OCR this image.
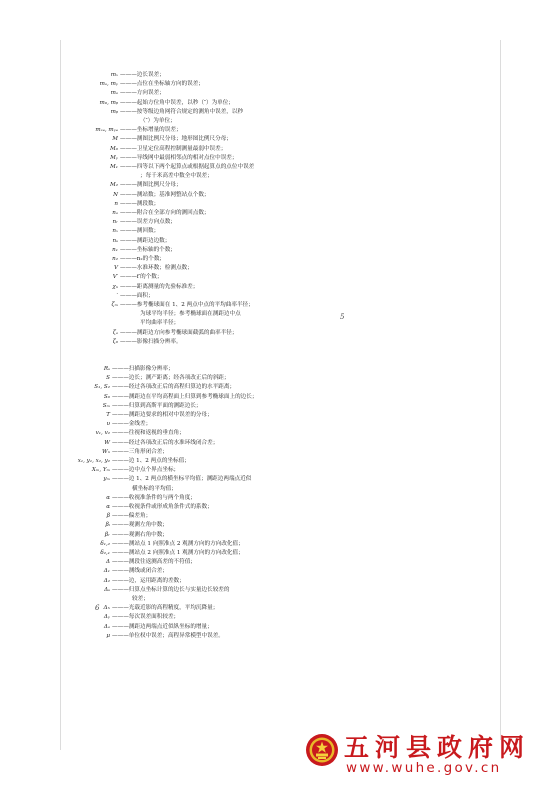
mₓ ———边长误差；
mₐ, mᵧ ———点位在坐标轴方向的误差；
mₐ ———方向误差；
m₀, mᵦ ———起始方位角中误差，以秒（″）为单位；
mᵦ ———按等级边角网符合规定的测角中误差，以秒
（″）为单位；
mₓₑ, mᵧₑ ———坐标增量的误差；
M ———测图比例尺分母；地形图比例尺分母；
M₀ ———卫星定位高程控制测量最弱中误差；
Mᵧ ———导线网中最弱相邻点的相对点位中误差；
M₁ ———四等以下两个起算点或根据起算点的点位中误差
；每千米高差中数全中误差；
M₂ ———测图比例尺分母；
N ———测站数；基准网整站点个数；
n ———测段数；
nₐ ———附合在全部方向的测回点数；
nᵣ ———误差方向点数；
nₓ ———测回数；
nₛ ———测距边边数；
n₁ ———坐标轴的个数；
n₂ ———n₂的个数；
V ———水准环数；检测点数；
V′ ———f′的个数；
χₙ ———距离测量的先验标准差；
′ ———面积；
ζₘ ———参考椭球面在 1、2 两点中点的平均曲率半径；
为球平均半径；参考椭球面在测距边中点
平均曲率半径；
ζₐ ———测距边方向参考椭球面截弧的曲率半径；
ζ₀ ———影像扫描分辨率。
5
Rₛ ———扫描影像分辨率；
S ———边长；测产距离；经各项改正后的斜距；
S₁, S₂ ———经过各项改正后的高程归算边的水平距离；
S₀ ———测距边在平均高程面上归算到参考椭球面上的边长；
Sₘ ———归算到高斯平面的测距边长；
T ———测距边要求的相对中误差的分母；
υ ———金线差；
v₁, v₂ ———往视和返视的垂直角；
W ———经过各项改正后的水准环线闭合差；
Wₙ ———三角形闭合差；
x₁, y₁, x₂, y₂ ———边 1、2 两点的坐标值；
Xₘ, Yₘ ———边中点个界点坐标；
yₘ ———边 1、2 两点的横坐标平均值；测距边两端点近似
横坐标的平均值；
α ———收视准条件的与两个角度；
α ———收视条件或形成角条件式的系数；
β ———偏差角；
βᵢ ———观测左角中数；
βᵣ ———观测右角中数；
δ₁,₂ ———测站点 1 向照准点 2 观测方向的方向改化值；
δ₂,₁ ———测站点 2 向照准点 1 观测方向的方向改化值；
Δ ———测段往返测高差的不符值；
Δ₁ ———测线或闭合差；
Δ₂ ———边，运用距离的差数；
Δₛ ———归算点坐标计算的边长与实量边长较差的
较差；
Δₕ ———光载近影的高程精度，平均沉降量；
Δᵧ ———每次误差面积较差；
Δₐ ———测距边两端点近似纵坐标的增量；
μ ———单位权中误差；高程异常模型中误差。
6
五河县政府网
www.wuhe.gov.cn
